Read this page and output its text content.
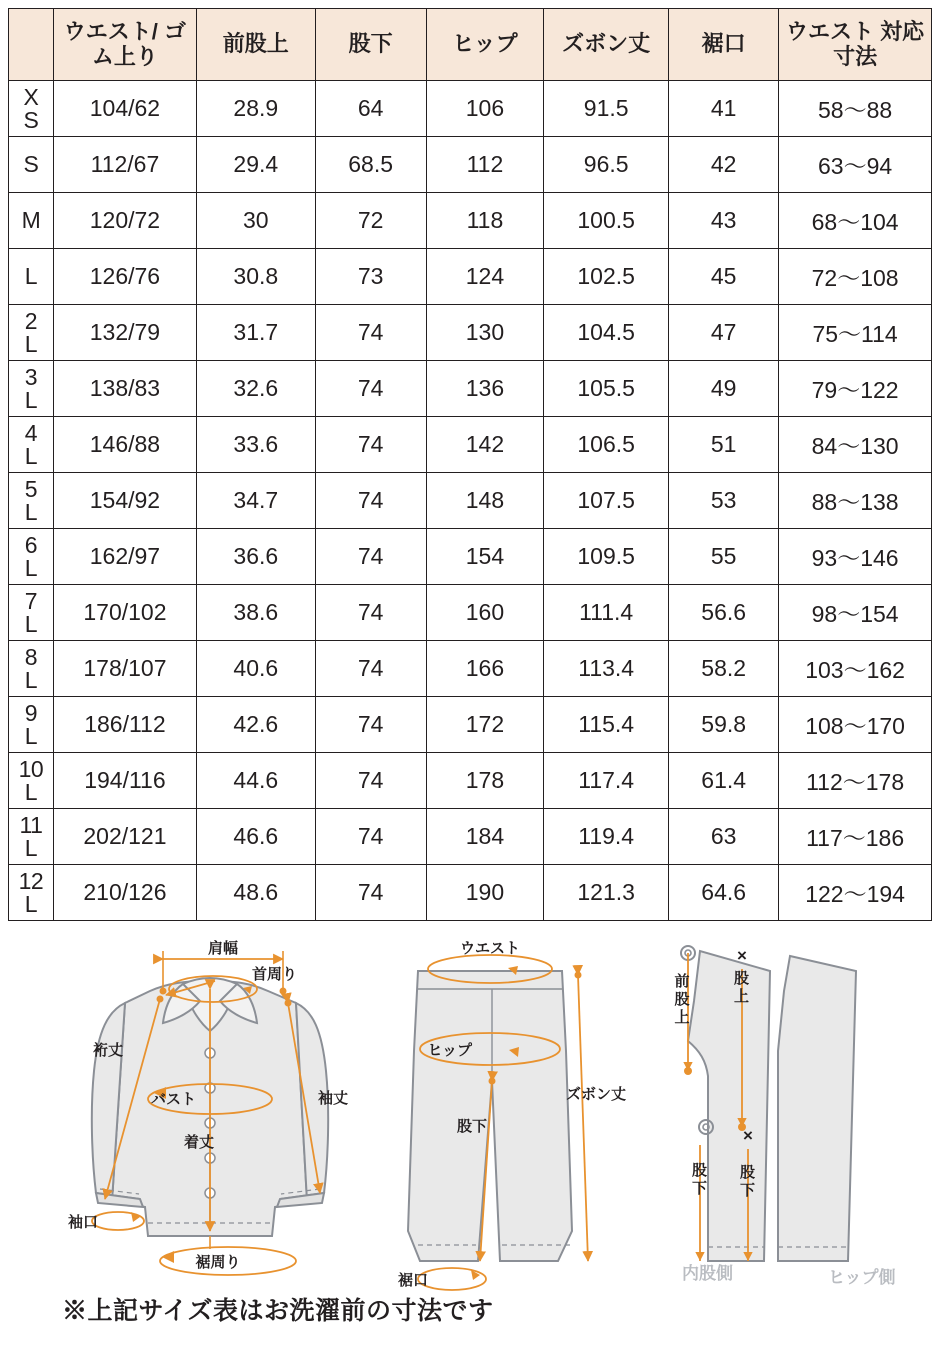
	ウエスト/ ゴム上り	前股上	股下	ヒップ	ズボン丈	裾口	ウエスト 対応寸法

X
S	104/62	28.9	64	106	91.5	41	58〜88

S	112/67	29.4	68.5	112	96.5	42	63〜94

M	120/72	30	72	118	100.5	43	68〜104

L	126/76	30.8	73	124	102.5	45	72〜108

2
L	132/79	31.7	74	130	104.5	47	75〜114

3
L	138/83	32.6	74	136	105.5	49	79〜122

4
L	146/88	33.6	74	142	106.5	51	84〜130

5
L	154/92	34.7	74	148	107.5	53	88〜138

6
L	162/97	36.6	74	154	109.5	55	93〜146

7
L	170/102	38.6	74	160	111.4	56.6	98〜154

8
L	178/107	40.6	74	166	113.4	58.2	103〜162

9
L	186/112	42.6	74	172	115.4	59.8	108〜170

10
L	194/116	44.6	74	178	117.4	61.4	112〜178

11
L	202/121	46.6	74	184	119.4	63	117〜186

12
L	210/126	48.6	74	190	121.3	64.6	122〜194
肩幅
首周り
裄丈
バスト	袖丈
着丈
袖口
裾周り
ウエスト
ヒップ
股下
ズボン丈
裾口
前股上
×
股上
股下
×
股下
内股側	ヒップ側
※上記サイズ表はお洗濯前の寸法です
